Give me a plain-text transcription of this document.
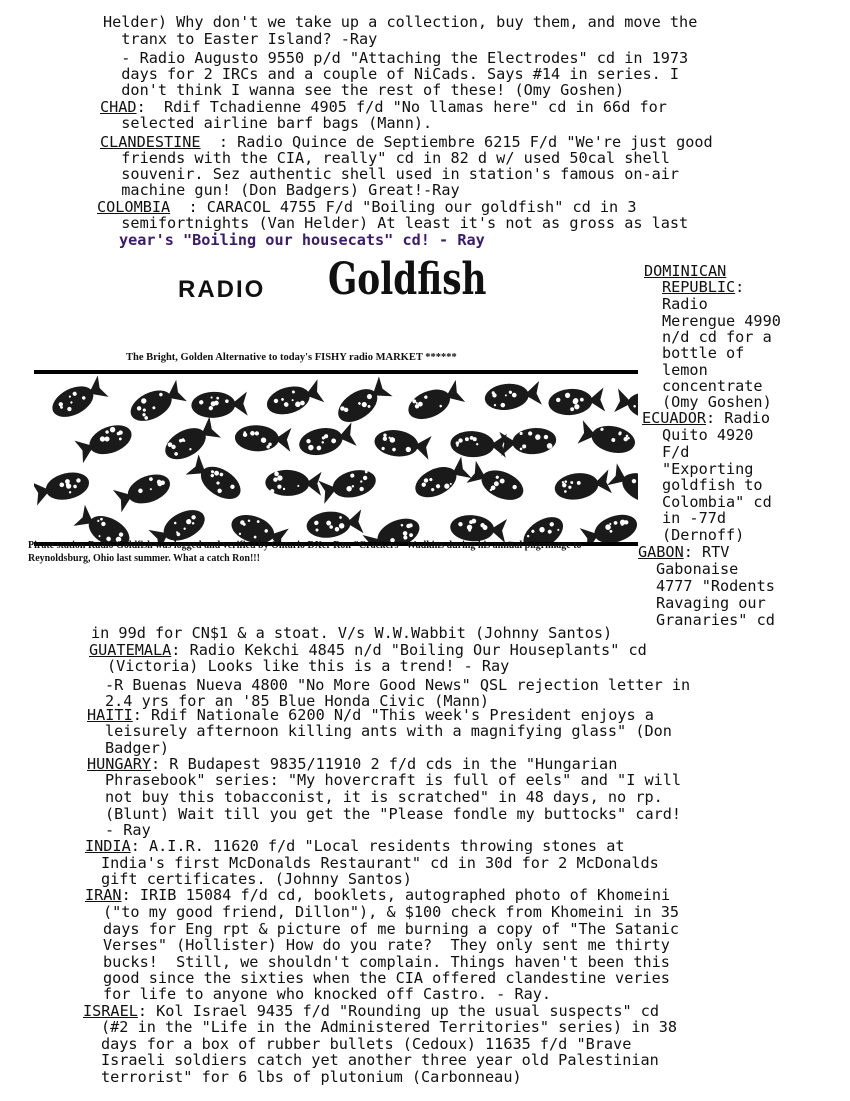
Helder) Why don't we take up a collection, buy them, and move the
tranx to Easter Island? -Ray
- Radio Augusto 9550 p/d "Attaching the Electrodes" cd in 1973
days for 2 IRCs and a couple of NiCads. Says #14 in series. I
don't think I wanna see the rest of these! (Omy Goshen)
CHAD:  Rdif Tchadienne 4905 f/d "No llamas here" cd in 66d for
selected airline barf bags (Mann).
CLANDESTINE  : Radio Quince de Septiembre 6215 F/d "We're just good
friends with the CIA, really" cd in 82 d w/ used 50cal shell
souvenir. Sez authentic shell used in station's famous on-air
machine gun! (Don Badgers) Great!-Ray
COLOMBIA  : CARACOL 4755 F/d "Boiling our goldfish" cd in 3
semifortnights (Van Helder) At least it's not as gross as last
year's "Boiling our housecats" cd! - Ray
RADIO Goldfish
The Bright, Golden Alternative to today's FISHY radio MARKET ******
Pirate station Radio Goldfish was logged and verified by Ontario DXer Ron "Crackers" Wadkins during his annual pilgrimage to Reynoldsburg, Ohio last summer. What a catch Ron!!!
DOMINICAN
REPUBLIC:
Radio
Merengue 4990
n/d cd for a
bottle of
lemon
concentrate
(Omy Goshen)
ECUADOR: Radio
Quito 4920
F/d
"Exporting
goldfish to
Colombia" cd
in -77d
(Dernoff)
GABON: RTV
Gabonaise
4777 "Rodents
Ravaging our
Granaries" cd
in 99d for CN$1 & a stoat. V/s W.W.Wabbit (Johnny Santos)
GUATEMALA: Radio Kekchi 4845 n/d "Boiling Our Houseplants" cd
(Victoria) Looks like this is a trend! - Ray
-R Buenas Nueva 4800 "No More Good News" QSL rejection letter in
2.4 yrs for an '85 Blue Honda Civic (Mann)
HAITI: Rdif Nationale 6200 N/d "This week's President enjoys a
leisurely afternoon killing ants with a magnifying glass" (Don
Badger)
HUNGARY: R Budapest 9835/11910 2 f/d cds in the "Hungarian
Phrasebook" series: "My hovercraft is full of eels" and "I will
not buy this tobacconist, it is scratched" in 48 days, no rp.
(Blunt) Wait till you get the "Please fondle my buttocks" card!
- Ray
INDIA: A.I.R. 11620 f/d "Local residents throwing stones at
India's first McDonalds Restaurant" cd in 30d for 2 McDonalds
gift certificates. (Johnny Santos)
IRAN: IRIB 15084 f/d cd, booklets, autographed photo of Khomeini
("to my good friend, Dillon"), & $100 check from Khomeini in 35
days for Eng rpt & picture of me burning a copy of "The Satanic
Verses" (Hollister) How do you rate?  They only sent me thirty
bucks!  Still, we shouldn't complain. Things haven't been this
good since the sixties when the CIA offered clandestine veries
for life to anyone who knocked off Castro. - Ray.
ISRAEL: Kol Israel 9435 f/d "Rounding up the usual suspects" cd
(#2 in the "Life in the Administered Territories" series) in 38
days for a box of rubber bullets (Cedoux) 11635 f/d "Brave
Israeli soldiers catch yet another three year old Palestinian
terrorist" for 6 lbs of plutonium (Carbonneau)
